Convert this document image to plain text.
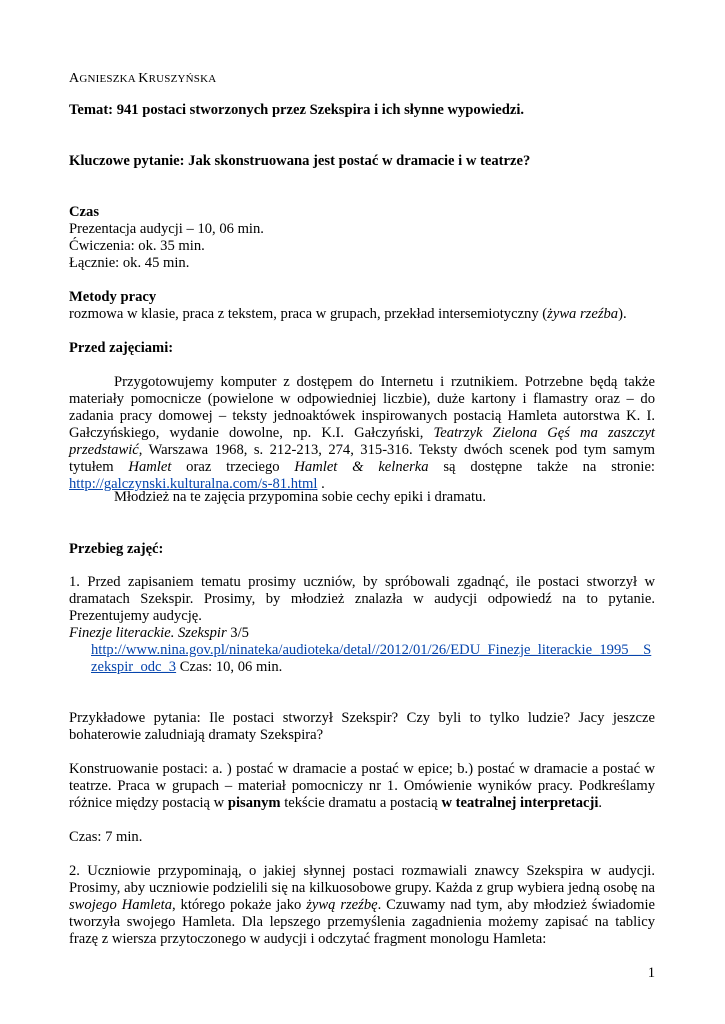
AGNIESZKA KRUSZYŃSKA

Temat: 941 postaci stworzonych przez Szekspira i ich słynne wypowiedzi.

Kluczowe pytanie: Jak skonstruowana jest postać w dramacie i w teatrze?

Czas
Prezentacja audycji – 10, 06 min.
Ćwiczenia: ok. 35 min.
Łącznie: ok. 45 min.
Metody pracy
rozmowa w klasie, praca z tekstem, praca w grupach, przekład intersemiotyczny (żywa rzeźba).

Przed zajęciami:

Przygotowujemy komputer z dostępem do Internetu i rzutnikiem. Potrzebne będą także materiały pomocnicze (powielone w odpowiedniej liczbie), duże kartony i flamastry oraz – do zadania pracy domowej – teksty jednoaktówek inspirowanych postacią Hamleta autorstwa K. I. Gałczyńskiego, wydanie dowolne, np. K.I. Gałczyński, Teatrzyk Zielona Gęś ma zaszczyt przedstawić, Warszawa 1968, s. 212-213, 274, 315-316. Teksty dwóch scenek pod tym samym tytułem Hamlet oraz trzeciego Hamlet & kelnerka są dostępne także na stronie: http://galczynski.kulturalna.com/s-81.html .

Młodzież na te zajęcia przypomina sobie cechy epiki i dramatu.

Przebieg zajęć:

1. Przed zapisaniem tematu prosimy uczniów, by spróbowali zgadnąć, ile postaci stworzył w dramatach Szekspir. Prosimy, by młodzież znalazła w audycji odpowiedź na to pytanie. Prezentujemy audycję.

Finezje literackie. Szekspir 3/5

http://www.nina.gov.pl/ninateka/audioteka/detal//2012/01/26/EDU_Finezje_literackie_1995__Szekspir_odc_3 Czas: 10, 06 min.

Przykładowe pytania: Ile postaci stworzył Szekspir? Czy byli to tylko ludzie? Jacy jeszcze bohaterowie zaludniają dramaty Szekspira?

Konstruowanie postaci: a. ) postać w dramacie a postać w epice; b.) postać w dramacie a postać w teatrze. Praca w grupach – materiał pomocniczy nr 1. Omówienie wyników pracy. Podkreślamy różnice między postacią w pisanym tekście dramatu a postacią w teatralnej interpretacji.

Czas: 7 min.

2. Uczniowie przypominają, o jakiej słynnej postaci rozmawiali znawcy Szekspira w audycji. Prosimy, aby uczniowie podzielili się na kilkuosobowe grupy. Każda z grup wybiera jedną osobę na swojego Hamleta, którego pokaże jako żywą rzeźbę. Czuwamy nad tym, aby młodzież świadomie tworzyła swojego Hamleta. Dla lepszego przemyślenia zagadnienia możemy zapisać na tablicy frazę z wiersza przytoczonego w audycji i odczytać fragment monologu Hamleta:

1
